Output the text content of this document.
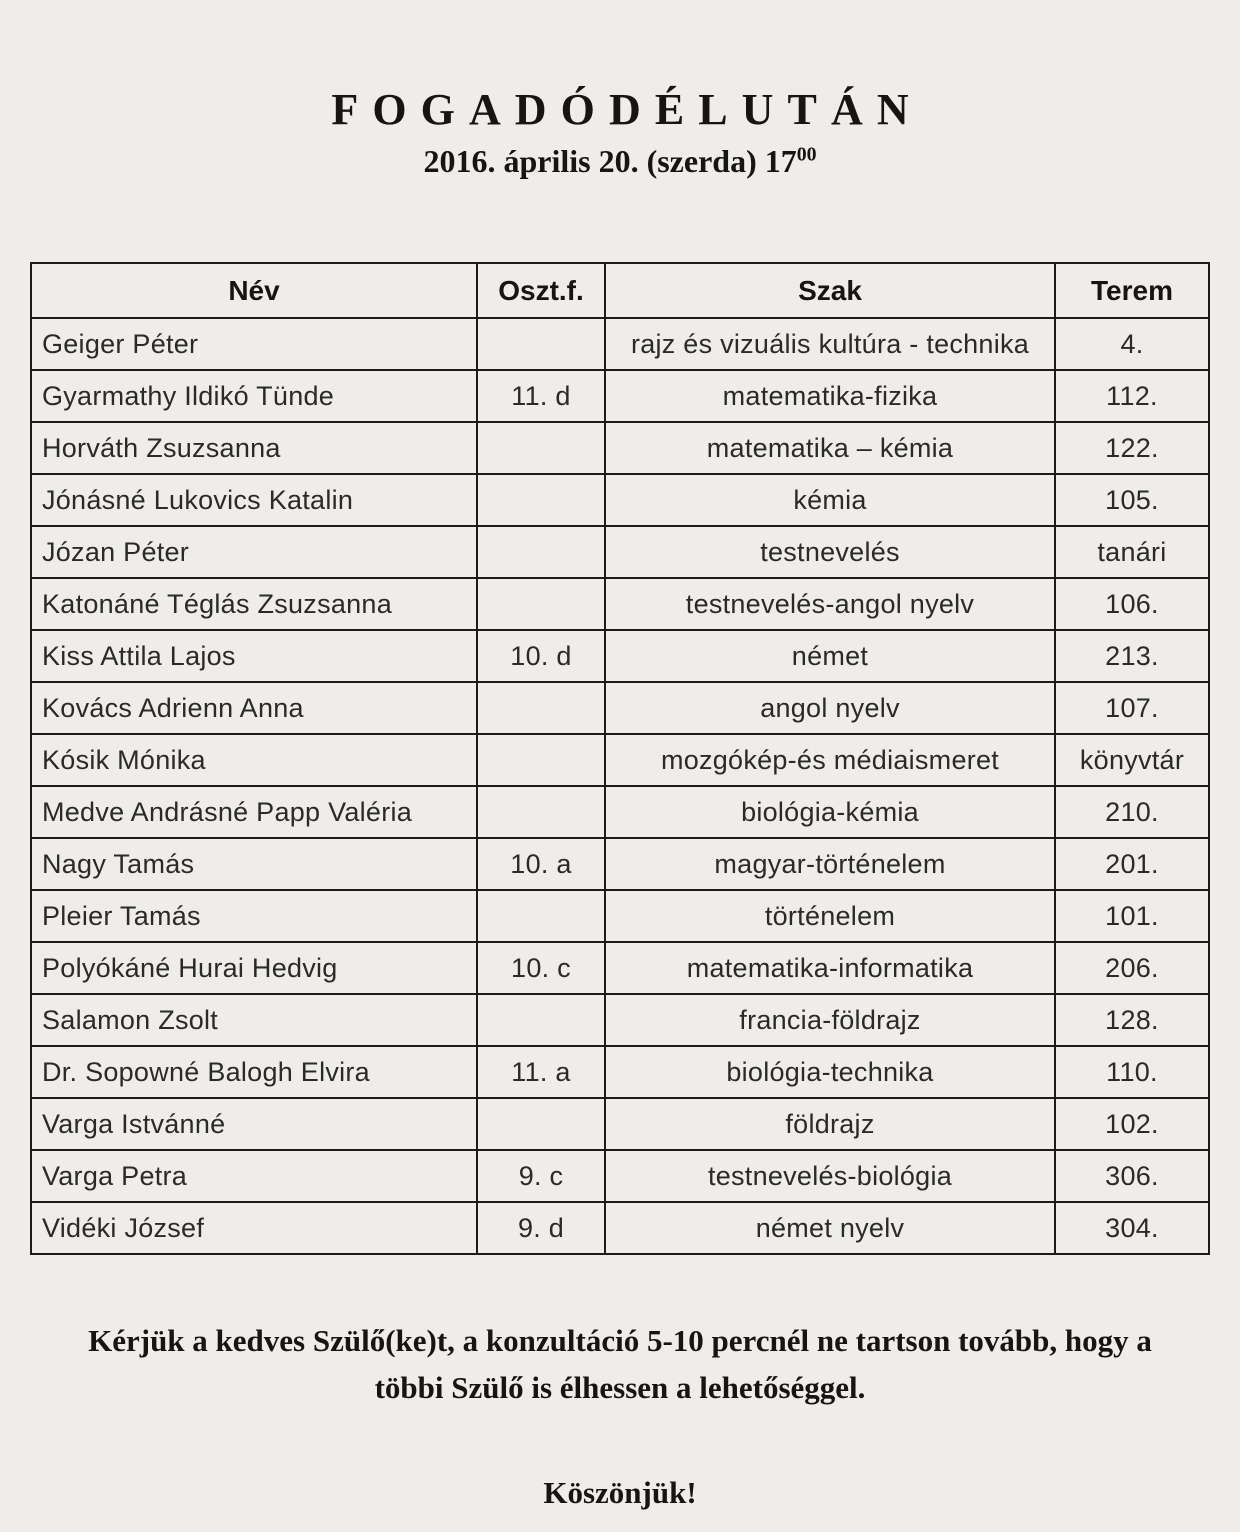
FOGADÓDÉLUTÁN
2016. április 20. (szerda) $17^{00}$
Név	Oszt.f.	Szak	Terem
Geiger Péter		rajz és vizuális kultúra - technika	4.
Gyarmathy Ildikó Tünde	11. d	matematika-fizika	112.
Horváth Zsuzsanna		matematika – kémia	122.
Jónásné Lukovics Katalin		kémia	105.
Józan Péter		testnevelés	tanári
Katonáné Téglás Zsuzsanna		testnevelés-angol nyelv	106.
Kiss Attila Lajos	10. d	német	213.
Kovács Adrienn Anna		angol nyelv	107.
Kósik Mónika		mozgókép-és médiaismeret	könyvtár
Medve Andrásné Papp Valéria		biológia-kémia	210.
Nagy Tamás	10. a	magyar-történelem	201.
Pleier Tamás		történelem	101.
Polyókáné Hurai Hedvig	10. c	matematika-informatika	206.
Salamon Zsolt		francia-földrajz	128.
Dr. Sopowné Balogh Elvira	11. a	biológia-technika	110.
Varga Istvánné		földrajz	102.
Varga Petra	9. c	testnevelés-biológia	306.
Vidéki József	9. d	német nyelv	304.

Kérjük a kedves Szülő(ke)t, a konzultáció 5-10 percnél ne tartson tovább, hogy a többi Szülő is élhessen a lehetőséggel.

Köszönjük!
